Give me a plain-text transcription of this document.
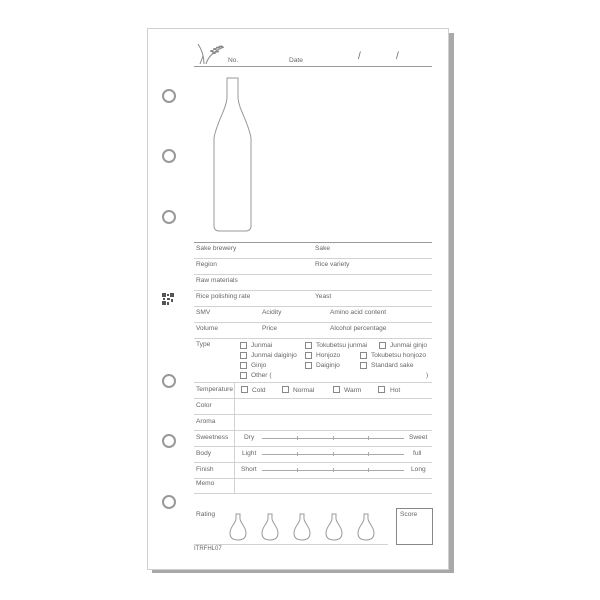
No.	Date	/	/
Sake brewery	Sake
Region	Rice variety
Raw materials
Rice polishing rate	Yeast
SMV	Acidity	Amino acid content
Volume	Price	Alcohol percentage
Type	Junmai	Tokubetsu junmai	Junmai ginjo
Junmai daiginjo	Honjozo	Tokubetsu honjozo
Ginjo	Daiginjo	Standard sake
Other (	)
Temperature	Cold	Normal	Warm	Hot
Color
Aroma
Sweetness Dry	Sweet
Body	Light	full
Finish	Short	Long
Memo
Rating	Score
ITRFHL07
